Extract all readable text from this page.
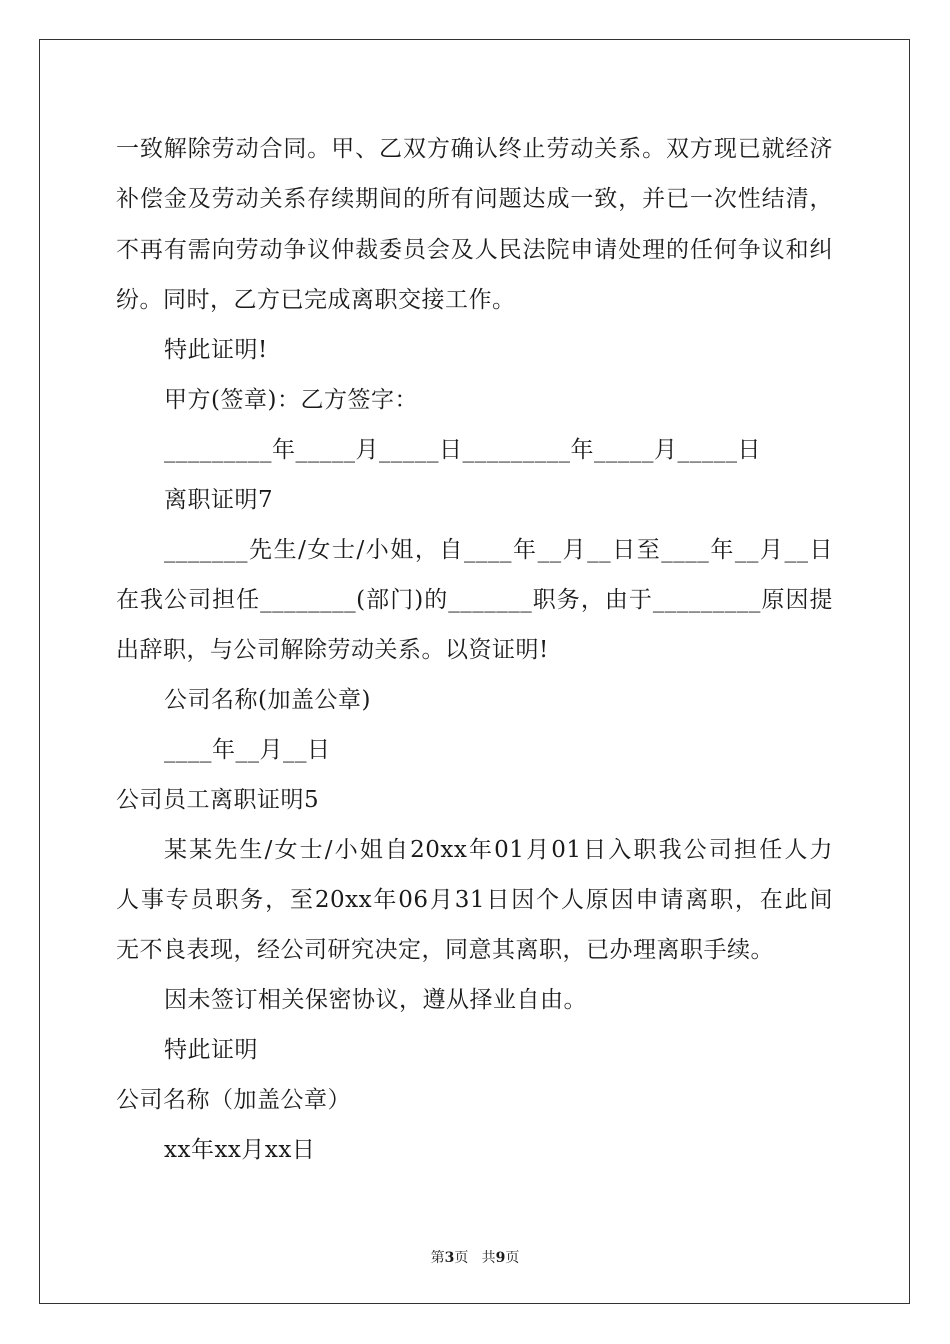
一致解除劳动合同。甲、乙双方确认终止劳动关系。双方现已就经济
补偿金及劳动关系存续期间的所有问题达成一致，并已一次性结清，
不再有需向劳动争议仲裁委员会及人民法院申请处理的任何争议和纠
纷。同时，乙方已完成离职交接工作。
特此证明!
甲方(签章)：乙方签字：
_________年_____月_____日_________年_____月_____日
离职证明7
_______先生/女士/小姐，自____年__月__日至____年__月__日
在我公司担任________(部门)的_______职务，由于_________原因提
出辞职，与公司解除劳动关系。以资证明!
公司名称(加盖公章)
____年__月__日
公司员工离职证明5
某某先生/女士/小姐自20xx年01月01日入职我公司担任人力
人事专员职务，至20xx年06月31日因个人原因申请离职，在此间
无不良表现，经公司研究决定，同意其离职，已办理离职手续。
因未签订相关保密协议，遵从择业自由。
特此证明
公司名称（加盖公章）
xx年xx月xx日
第3页 共9页
